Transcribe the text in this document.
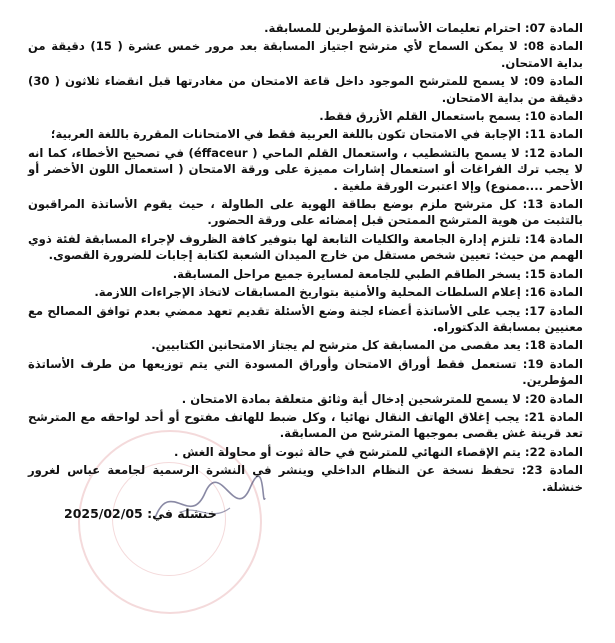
المادة 07: احترام تعليمات الأساتذة المؤطرين للمسابقة.
المادة 08: لا يمكن السماح لأي مترشح اجتياز المسابقة بعد مرور خمس عشرة ( 15) دقيقة من بداية الامتحان.
المادة 09: لا يسمح للمترشح الموجود داخل قاعة الامتحان من مغادرتها قبل انقضاء ثلاثون ( 30) دقيقة من بداية الامتحان.
المادة 10: يسمح باستعمال القلم الأزرق فقط.
المادة 11: الإجابة في الامتحان تكون باللغة العربية فقط في الامتحانات المقررة باللغة العربية؛
المادة 12: لا يسمح بالتشطيب ، واستعمال القلم الماحي ( éffaceur) في تصحيح الأخطاء، كما انه لا يجب ترك الفراغات أو استعمال إشارات مميزة على ورقة الامتحان ( استعمال اللون الأخضر أو الأحمر ....ممنوع) وإلا اعتبرت الورقة ملغية .
المادة 13: كل مترشح ملزم بوضع بطاقة الهوية على الطاولة ، حيث يقوم الأساتذة المراقبون بالتثبت من هوية المترشح الممتحن قبل إمضائه على ورقة الحضور.
المادة 14: تلتزم إدارة الجامعة والكليات التابعة لها بتوفير كافة الظروف لإجراء المسابقة لفئة ذوي الهمم من حيث: تعيين شخص مستقل من خارج الميدان الشعبة لكتابة إجابات للضرورة القصوى.
المادة 15: يسخر الطاقم الطبي للجامعة لمسايرة جميع مراحل المسابقة.
المادة 16: إعلام السلطات المحلية والأمنية بتواريخ المسابقات لاتخاذ الإجراءات اللازمة.
المادة 17: يجب على الأساتذة أعضاء لجنة وضع الأسئلة تقديم تعهد ممضي بعدم توافق المصالح مع معنيين بمسابقة الدكتوراه.
المادة 18: يعد مقصى من المسابقة كل مترشح لم يجتاز الامتحانين الكتابيين.
المادة 19: تستعمل فقط أوراق الامتحان وأوراق المسودة التي يتم توزيعها من طرف الأساتذة المؤطرين.
المادة 20: لا يسمح للمترشحين إدخال أية وثائق متعلقة بمادة الامتحان .
المادة 21: يجب إغلاق الهاتف النقال نهائيا ، وكل ضبط للهاتف مفتوح أو أحد لواحقه مع المترشح تعد قرينة غش يقصى بموجبها المترشح من المسابقة.
المادة 22: يتم الإقصاء النهائي للمترشح في حالة ثبوت أو محاولة الغش .
المادة 23: تحفظ نسخة عن النظام الداخلي وينشر في النشرة الرسمية لجامعة عباس لغرور خنشلة.
خنشلة في: 2025/02/05
